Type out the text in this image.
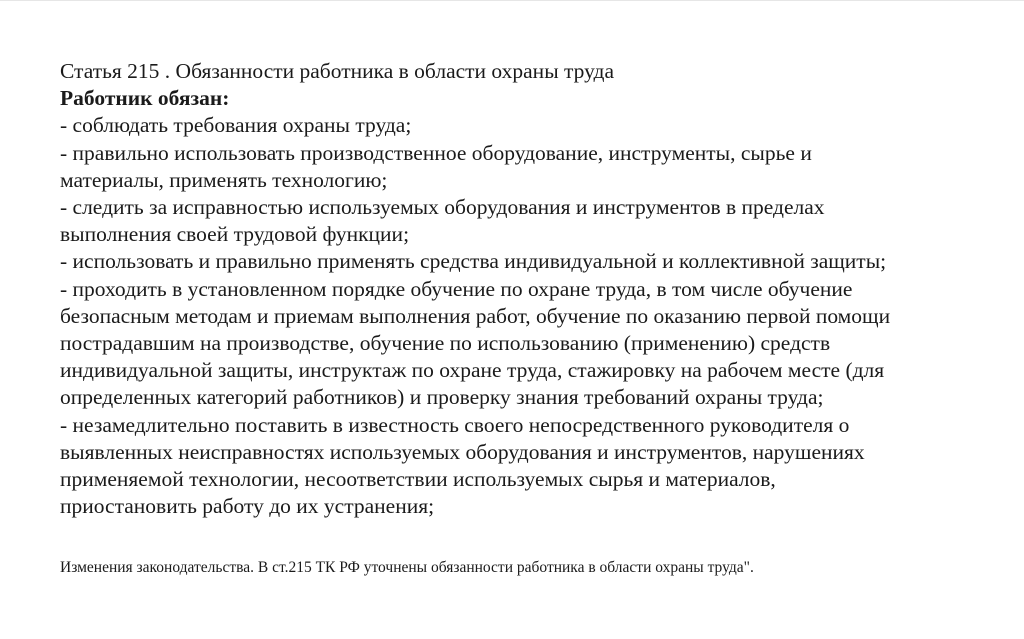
Статья 215 . Обязанности работника в области охраны труда
Работник обязан:
- соблюдать требования охраны труда;
- правильно использовать производственное оборудование, инструменты, сырье и
материалы, применять технологию;
- следить за исправностью используемых оборудования и инструментов в пределах
выполнения своей трудовой функции;
- использовать и правильно применять средства индивидуальной и коллективной защиты;
- проходить в установленном порядке обучение по охране труда, в том числе обучение
безопасным методам и приемам выполнения работ, обучение по оказанию первой помощи
пострадавшим на производстве, обучение по использованию (применению) средств
индивидуальной защиты, инструктаж по охране труда, стажировку на рабочем месте (для
определенных категорий работников) и проверку знания требований охраны труда;
- незамедлительно поставить в известность своего непосредственного руководителя о
выявленных неисправностях используемых оборудования и инструментов, нарушениях
применяемой технологии, несоответствии используемых сырья и материалов,
приостановить работу до их устранения;
Изменения законодательства. В ст.215 ТК РФ уточнены обязанности работника в области охраны труда".
